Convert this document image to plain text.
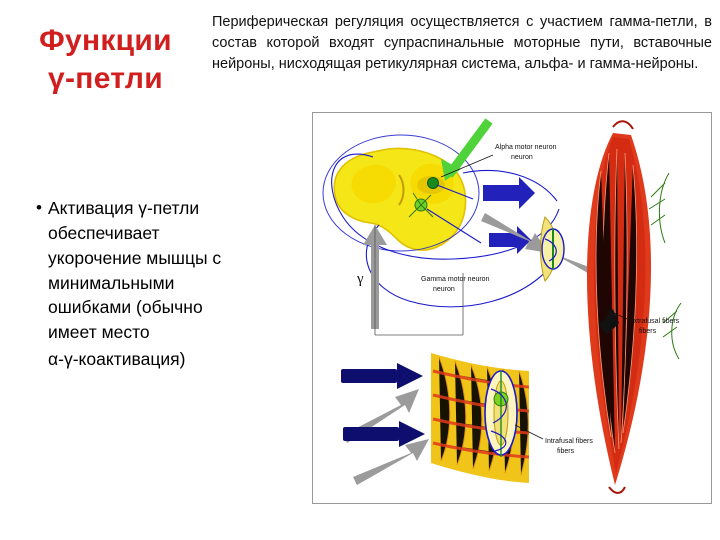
Функции
γ-петли
Периферическая регуляция осуществляется с участием гамма-петли, в состав которой входят супраспинальные моторные пути, вставочные нейроны, нисходящая ретикулярная система, альфа- и гамма-нейроны.
• Активация γ-петли обеспечивает укорочение мышцы с минимальными ошибками (обычно имеет место
α-γ-коактивация)
γ
Alpha motor neuron
neuron
Gamma motor neuron
neuron
Extrafusal fibers
fibers
Intrafusal fibers
fibers
